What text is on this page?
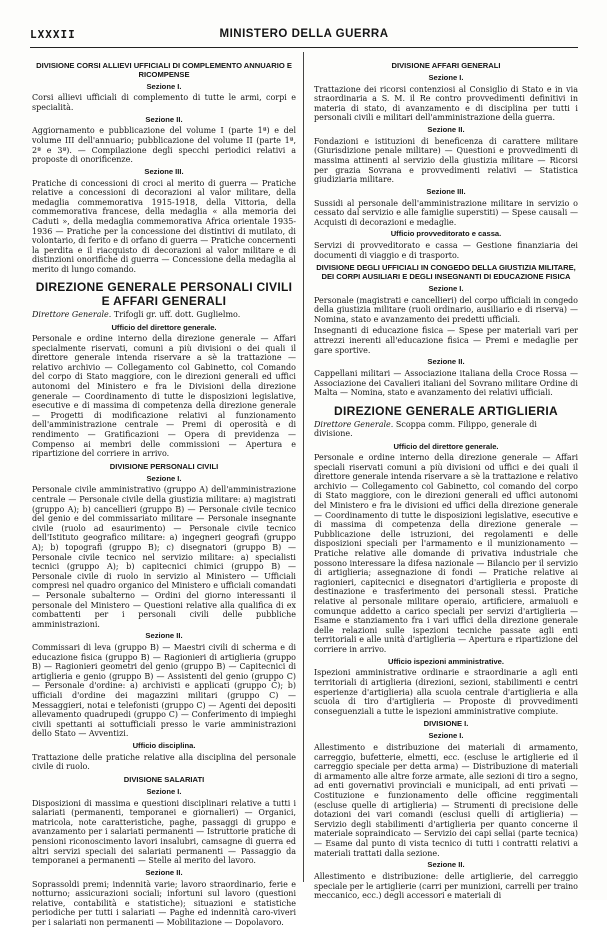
LXXXII	MINISTERO DELLA GUERRA
DIVISIONE CORSI ALLIEVI UFFICIALI DI COMPLEMENTO ANNUARIO E RICOMPENSE
Sezione I.

Corsi allievi ufficiali di complemento di tutte le armi, corpi e specialità.

Sezione II.

Aggiornamento e pubblicazione del volume I (parte 1ª) e del volume III dell'annuario; pubblicazione del volume II (parte 1ª, 2ª e 3ª). — Compilazione degli specchi periodici relativi a proposte di onorificenze.

Sezione III.

Pratiche di concessioni di croci al merito di guerra — Pratiche relative a concessioni di decorazioni al valor militare, della medaglia commemorativa 1915-1918, della Vittoria, della commemorativa francese, della medaglia « alla memoria dei Caduti », della medaglia commemorativa Africa orientale 1935-1936 — Pratiche per la concessione dei distintivi di mutilato, di volontario, di ferito e di orfano di guerra — Pratiche concernenti la perdita e il riacquisto di decorazioni al valor militare e di distinzioni onorifiche di guerra — Concessione della medaglia al merito di lungo comando.

DIREZIONE GENERALE PERSONALI CIVILI E AFFARI GENERALI
Direttore Generale. Trifogli gr. uff. dott. Guglielmo.
Ufficio del direttore generale.

Personale e ordine interno della direzione generale — Affari specialmente riservati, comuni a più divisioni o dei quali il direttore generale intenda riservare a sè la trattazione — relativo archivio — Collegamento col Gabinetto, col Comando del corpo di Stato maggiore, con le direzioni generali ed uffici autonomi del Ministero e fra le Divisioni della direzione generale — Coordinamento di tutte le disposizioni legislative, esecutive e di massima di competenza della direzione generale — Progetti di modificazione relativi al funzionamento dell'amministrazione centrale — Premi di operosità e di rendimento — Gratificazioni — Opera di previdenza — Compenso ai membri delle commissioni — Apertura e ripartizione del corriere in arrivo.

DIVISIONE PERSONALI CIVILI
Sezione I.

Personale civile amministrativo (gruppo A) dell'amministrazione centrale — Personale civile della giustizia militare: a) magistrati (gruppo A); b) cancellieri (gruppo B) — Personale civile tecnico del genio e del commissariato militare — Personale insegnante civile (ruolo ad esaurimento) — Personale civile tecnico dell'Istituto geografico militare: a) ingegneri geografi (gruppo A); b) topografi (gruppo B); c) disegnatori (gruppo B) — Personale civile tecnico nel servizio militare: a) specialisti tecnici (gruppo A); b) capitecnici chimici (gruppo B) — Personale civile di ruolo in servizio al Ministero — Ufficiali compresi nel quadro organico del Ministero e ufficiali comandati — Personale subalterno — Ordini del giorno interessanti il personale del Ministero — Questioni relative alla qualifica di ex combattenti per i personali civili delle pubbliche amministrazioni.

Sezione II.

Commissari di leva (gruppo B) — Maestri civili di scherma e di educazione fisica (gruppo B) — Ragionieri di artiglieria (gruppo B) — Ragionieri geometri del genio (gruppo B) — Capitecnici di artiglieria e genio (gruppo B) — Assistenti del genio (gruppo C) — Personale d'ordine: a) archivisti e applicati (gruppo C); b) ufficiali d'ordine dei magazzini militari (gruppo C) — Messaggieri, notai e telefonisti (gruppo C) — Agenti dei depositi allevamento quadrupedi (gruppo C) — Conferimento di impieghi civili spettanti ai sottufficiali presso le varie amministrazioni dello Stato — Avventizi.

Ufficio disciplina.

Trattazione delle pratiche relative alla disciplina del personale civile di ruolo.

DIVISIONE SALARIATI
Sezione I.

Disposizioni di massima e questioni disciplinari relative a tutti i salariati (permanenti, temporanei e giornalieri) — Organici, matricola, note caratteristiche, paghe, passaggi di gruppo e avanzamento per i salariati permanenti — Istruttorie pratiche di pensioni riconoscimento lavori insalubri, camsagne di guerra ed altri servizi speciali dei salariati permanenti — Passaggio da temporanei a permanenti — Stelle al merito del lavoro.

Sezione II.

Soprassoldi premi; indennità varie; lavoro straordinario, ferie e notturno; assicurazioni sociali; infortuni sul lavoro (questioni relative, contabilità e statistiche); situazioni e statistiche periodiche per tutti i salariati — Paghe ed indennità caro-viveri per i salariati non permanenti — Mobilitazione — Dopolavoro.

DIVISIONE AFFARI GENERALI
Sezione I.

Trattazione dei ricorsi contenziosi al Consiglio di Stato e in via straordinaria a S. M. il Re contro provvedimenti definitivi in materia di stato, di avanzamento e di disciplina per tutti i personali civili e militari dell'amministrazione della guerra.

Sezione II.

Fondazioni e istituzioni di beneficenza di carattere militare (Giurisdizione penale militare) — Questioni e provvedimenti di massima attinenti al servizio della giustizia militare — Ricorsi per grazia Sovrana e provvedimenti relativi — Statistica giudiziaria militare.

Sezione III.

Sussidi al personale dell'amministrazione militare in servizio o cessato dal servizio e alle famiglie superstiti) — Spese causali — Acquisti di decorazioni e medaglie.

Ufficio provveditorato e cassa.

Servizi di provveditorato e cassa — Gestione finanziaria dei documenti di viaggio e di trasporto.

DIVISIONE DEGLI UFFICIALI IN CONGEDO DELLA GIUSTIZIA MILITARE, DEI CORPI AUSILIARI E DEGLI INSEGNANTI DI EDUCAZIONE FISICA
Sezione I.

Personale (magistrati e cancellieri) del corpo ufficiali in congedo della giustizia militare (ruoli ordinario, ausiliario e di riserva) — Nomina, stato e avanzamento dei predetti ufficiali.

Insegnanti di educazione fisica — Spese per materiali vari per attrezzi inerenti all'educazione fisica — Premi e medaglie per gare sportive.

Sezione II.

Cappellani militari — Associazione italiana della Croce Rossa — Associazione dei Cavalieri italiani del Sovrano militare Ordine di Malta — Nomina, stato e avanzamento dei relativi ufficiali.

DIREZIONE GENERALE ARTIGLIERIA
Direttore Generale. Scoppa comm. Filippo, generale di divisione.
Ufficio del direttore generale.

Personale e ordine interno della direzione generale — Affari speciali riservati comuni a più divisioni od uffici e dei quali il direttore generale intenda riservare a sè la trattazione e relativo archivio — Collegamento col Gabinetto, col comando del corpo di Stato maggiore, con le direzioni generali ed uffici autonomi del Ministero e fra le divisioni ed uffici della direzione generale — Coordinamento di tutte le disposizioni legislative, esecutive e di massima di competenza della direzione generale — Pubblicazione delle istruzioni, dei regolamenti e delle disposizioni speciali per l'armamento e il munizionamento — Pratiche relative alle domande di privativa industriale che possono interessare la difesa nazionale — Bilancio per il servizio di artiglieria; assegnazione di fondi — Pratiche relative ai ragionieri, capitecnici e disegnatori d'artiglieria e proposte di destinazione e trasferimento dei personali stessi. Pratiche relative al personale militare operaio, artificiere, armaiuoli e comunque addetto a carico speciali per servizi d'artiglieria — Esame e stanziamento fra i vari uffici della direzione generale delle relazioni sulle ispezioni tecniche passate agli enti territoriali e alle unità d'artiglieria — Apertura e ripartizione del corriere in arrivo.

Ufficio ispezioni amministrative.

Ispezioni amministrative ordinarie e straordinarie a agli enti territoriali di artiglieria (direzioni, sezioni, stabilimenti e centri esperienze d'artiglieria) alla scuola centrale d'artiglieria e alla scuola di tiro d'artiglieria — Proposte di provvedimenti conseguenziali a tutte le ispezioni amministrative compiute.

DIVISIONE I.
Sezione I.

Allestimento e distribuzione dei materiali di armamento, carreggio, bufetterie, elmetti, ecc. (escluse le artiglierie ed il carreggio speciale per detta arma) — Distribuzione di materiali di armamento alle altre forze armate, alle sezioni di tiro a segno, ad enti governativi provinciali e municipali, ad enti privati — Costituzione e funzionamento delle officine reggimentali (escluse quelle di artiglieria) — Strumenti di precisione delle dotazioni dei vari comandi (esclusi quelli di artiglieria) — Servizio degli stabilimenti d'artiglieria per quanto concerne il materiale sopraindicato — Servizio dei capi sellai (parte tecnica) — Esame dal punto di vista tecnico di tutti i contratti relativi a materiali trattati dalla sezione.

Sezione II.

Allestimento e distribuzione: delle artiglierie, del carreggio speciale per le artiglierie (carri per munizioni, carrelli per traino meccanico, ecc.) degli accessori e materiali di
